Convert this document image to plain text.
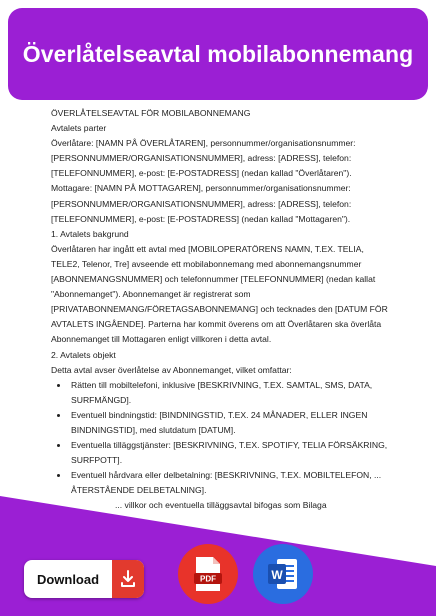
Överlåtelseavtal mobilabonnemang

ÖVERLÅTELSEAVTAL FÖR MOBILABONNEMANG

Avtalets parter

Överlåtare: [NAMN PÅ ÖVERLÅTAREN], personnummer/organisationsnummer: [PERSONNUMMER/ORGANISATIONSNUMMER], adress: [ADRESS], telefon: [TELEFONNUMMER], e-post: [E-POSTADRESS] (nedan kallad "Överlåtaren").

Mottagare: [NAMN PÅ MOTTAGAREN], personnummer/organisationsnummer: [PERSONNUMMER/ORGANISATIONSNUMMER], adress: [ADRESS], telefon: [TELEFONNUMMER], e-post: [E-POSTADRESS] (nedan kallad "Mottagaren").

1. Avtalets bakgrund

Överlåtaren har ingått ett avtal med [MOBILOPERATÖRENS NAMN, T.EX. TELIA, TELE2, Telenor, Tre] avseende ett mobilabonnemang med abonnemangsnummer [ABONNEMANGSNUMMER] och telefonnummer [TELEFONNUMMER] (nedan kallat "Abonnemanget"). Abonnemanget är registrerat som [PRIVATABONNEMANG/FÖRETAGSABONNEMANG] och tecknades den [DATUM FÖR AVTALETS INGÅENDE]. Parterna har kommit överens om att Överlåtaren ska överlåta Abonnemanget till Mottagaren enligt villkoren i detta avtal.

2. Avtalets objekt

Detta avtal avser överlåtelse av Abonnemanget, vilket omfattar:

• Rätten till mobiltelefoni, inklusive [BESKRIVNING, T.EX. SAMTAL, SMS, DATA, SURFMÄNGD].
• Eventuell bindningstid: [BINDNINGSTID, T.EX. 24 MÅNADER, ELLER INGEN BINDNINGSTID], med slutdatum [DATUM].
• Eventuella tilläggstjänster: [BESKRIVNING, T.EX. SPOTIFY, TELIA FÖRSÄKRING, SURFPOTT].
• Eventuell hårdvara eller delbetalning: [BESKRIVNING, T.EX. MOBILTELEFON, ... ÅTERSTÅENDE DELBETALNING].

... villkor och eventuella tilläggsavtal bifogas som Bilaga

Download	PDF	W
